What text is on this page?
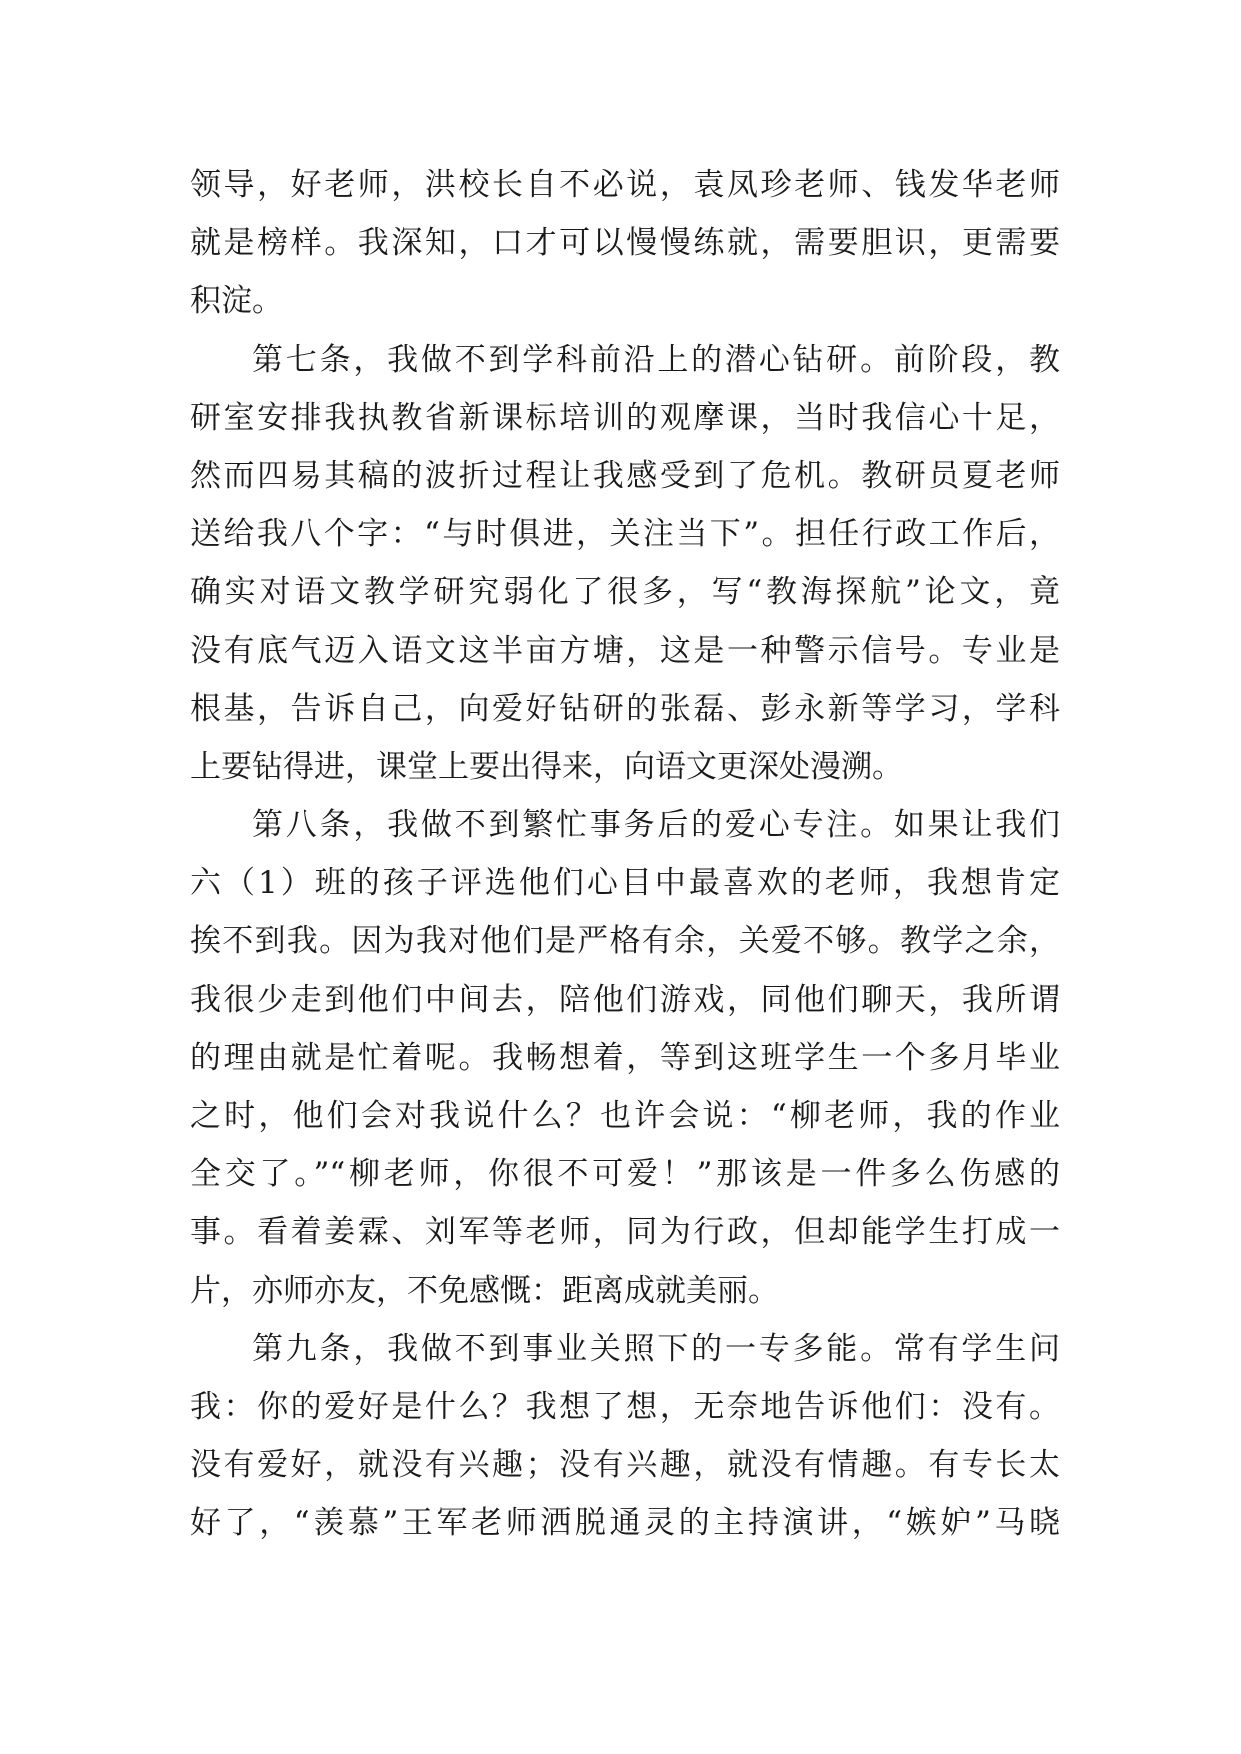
领导，好老师，洪校长自不必说，袁凤珍老师、钱发华老师
就是榜样。我深知，口才可以慢慢练就，需要胆识，更需要
积淀。
第七条，我做不到学科前沿上的潜心钻研。前阶段，教
研室安排我执教省新课标培训的观摩课，当时我信心十足，
然而四易其稿的波折过程让我感受到了危机。教研员夏老师
送给我八个字：“与时俱进，关注当下”。担任行政工作后，
确实对语文教学研究弱化了很多，写“教海探航”论文，竟
没有底气迈入语文这半亩方塘，这是一种警示信号。专业是
根基，告诉自己，向爱好钻研的张磊、彭永新等学习，学科
上要钻得进，课堂上要出得来，向语文更深处漫溯。
第八条，我做不到繁忙事务后的爱心专注。如果让我们
六（1）班的孩子评选他们心目中最喜欢的老师，我想肯定
挨不到我。因为我对他们是严格有余，关爱不够。教学之余，
我很少走到他们中间去，陪他们游戏，同他们聊天，我所谓
的理由就是忙着呢。我畅想着，等到这班学生一个多月毕业
之时，他们会对我说什么？也许会说：“柳老师，我的作业
全交了。”“柳老师，你很不可爱！”那该是一件多么伤感的
事。看着姜霖、刘军等老师，同为行政，但却能学生打成一
片，亦师亦友，不免感慨：距离成就美丽。
第九条，我做不到事业关照下的一专多能。常有学生问
我：你的爱好是什么？我想了想，无奈地告诉他们：没有。
没有爱好，就没有兴趣；没有兴趣，就没有情趣。有专长太
好了，“羡慕”王军老师洒脱通灵的主持演讲，“嫉妒”马晓
